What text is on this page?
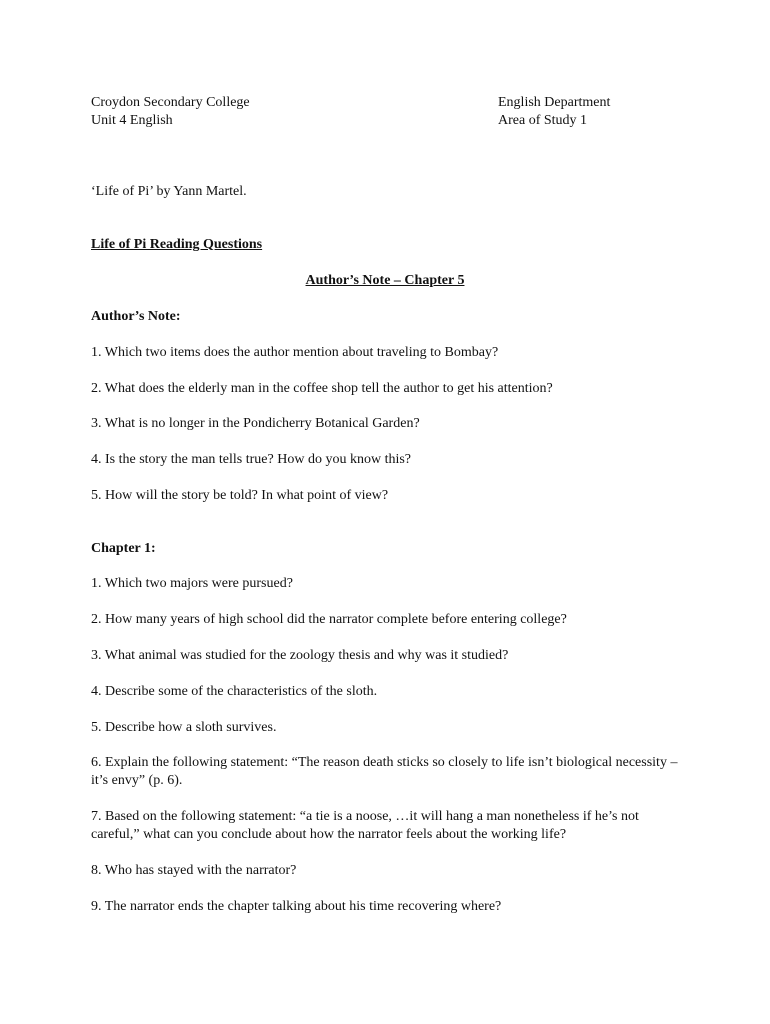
Croydon Secondary College
Unit 4 English
English Department
Area of Study 1
‘Life of Pi’ by Yann Martel.
Life of Pi Reading Questions
Author’s Note – Chapter 5
Author’s Note:
1. Which two items does the author mention about traveling to Bombay?
2. What does the elderly man in the coffee shop tell the author to get his attention?
3. What is no longer in the Pondicherry Botanical Garden?
4. Is the story the man tells true? How do you know this?
5. How will the story be told? In what point of view?
Chapter 1:
1. Which two majors were pursued?
2. How many years of high school did the narrator complete before entering college?
3. What animal was studied for the zoology thesis and why was it studied?
4. Describe some of the characteristics of the sloth.
5. Describe how a sloth survives.
6. Explain the following statement: “The reason death sticks so closely to life isn’t biological necessity – it’s envy” (p. 6).
7. Based on the following statement: “a tie is a noose, …it will hang a man nonetheless if he’s not careful,” what can you conclude about how the narrator feels about the working life?
8. Who has stayed with the narrator?
9. The narrator ends the chapter talking about his time recovering where?
